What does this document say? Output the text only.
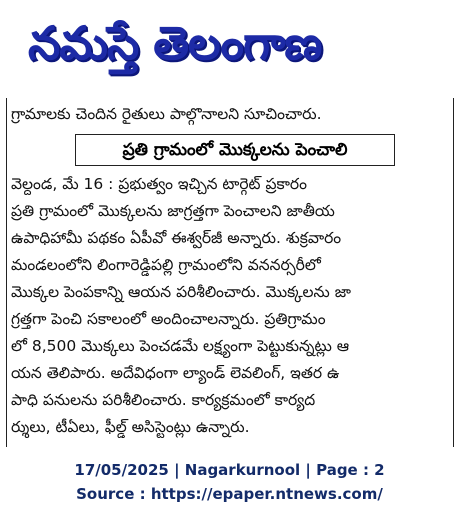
నమస్తే తెలంగాణ
గ్రామాలకు చెందిన రైతులు పాల్గొనాలని సూచించారు.
ప్రతి గ్రామంలో మొక్కలను పెంచాలి
వెల్దండ, మే 16 : ప్రభుత్వం ఇచ్చిన టార్గెట్ ప్రకారం
ప్రతి గ్రామంలో మొక్కలను జాగ్రత్తగా పెంచాలని జాతీయ
ఉపాధిహామీ పథకం ఏపీవో ఈశ్వర్‌జీ అన్నారు. శుక్రవారం
మండలంలోని లింగారెడ్డిపల్లి గ్రామంలోని వననర్సరీలో
మొక్కల పెంపకాన్ని ఆయన పరిశీలించారు. మొక్కలను జా
గ్రత్తగా పెంచి సకాలంలో అందించాలన్నారు. ప్రతిగ్రామం
లో 8,500 మొక్కలు పెంచడమే లక్ష్యంగా పెట్టుకున్నట్లు ఆ
యన తెలిపారు. అదేవిధంగా ల్యాండ్ లెవలింగ్, ఇతర ఉ
పాధి పనులను పరిశీలించారు. కార్యక్రమంలో కార్యద
ర్శులు, టీఏలు, ఫీల్డ్ అసిస్టెంట్లు ఉన్నారు.
17/05/2025 | Nagarkurnool | Page : 2
Source : https://epaper.ntnews.com/
